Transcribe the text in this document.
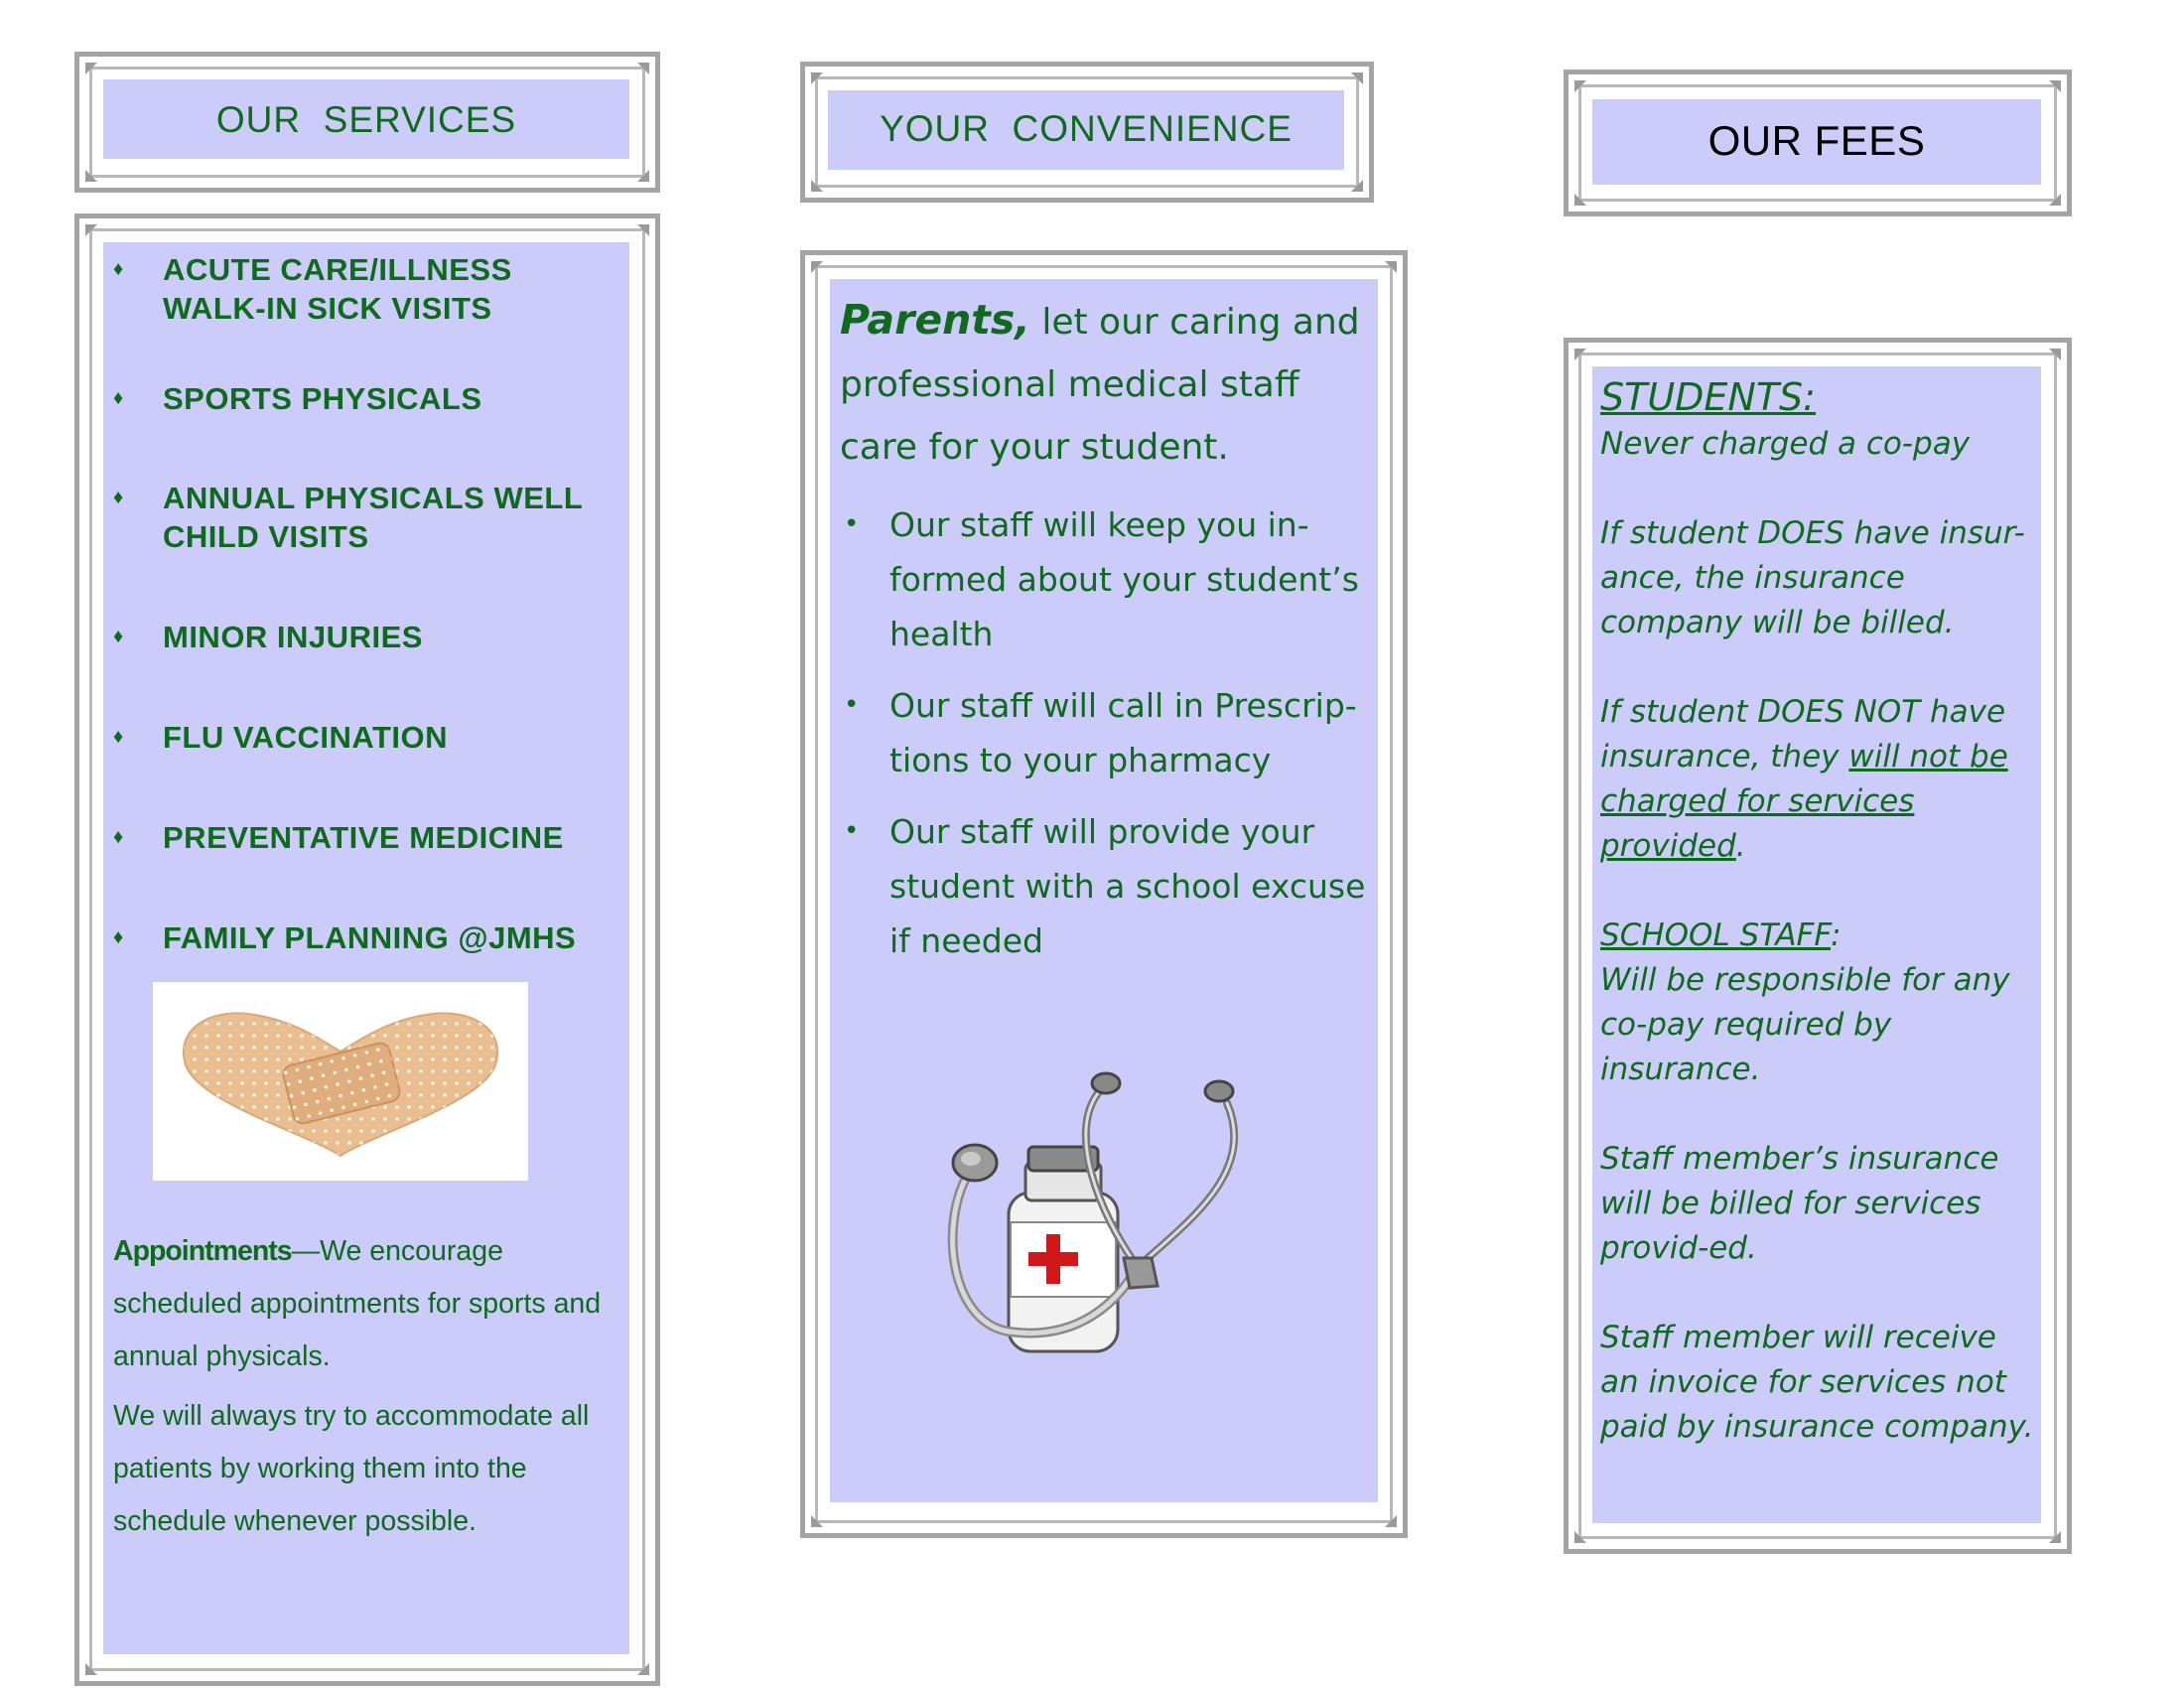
OUR  SERVICES
♦ ACUTE CARE/ILLNESS
WALK-IN SICK VISITS
♦ SPORTS PHYSICALS
♦ ANNUAL PHYSICALS WELL
CHILD VISITS
♦ MINOR INJURIES
♦ FLU VACCINATION
♦ PREVENTATIVE MEDICINE
♦ FAMILY PLANNING @JMHS
Appointments—We encourage scheduled appointments for sports and annual physicals.
We will always try to accommodate all patients by working them into the schedule whenever possible.
YOUR  CONVENIENCE
Parents, let our caring and professional medical staff care for your student.
• Our staff will keep you in-formed about your student’s health
• Our staff will call in Prescrip-tions to your pharmacy
• Our staff will provide your student with a school excuse if needed
OUR FEES
STUDENTS:

Never charged a co-pay

If student DOES have insur-ance, the insurance company will be billed.

If student DOES NOT have insurance, they will not be charged for services provided.

SCHOOL STAFF:

Will be responsible for any co-pay required by insurance.

Staff member’s insurance will be billed for services provid-ed.

Staff member will receive an invoice for services not paid by insurance company.
